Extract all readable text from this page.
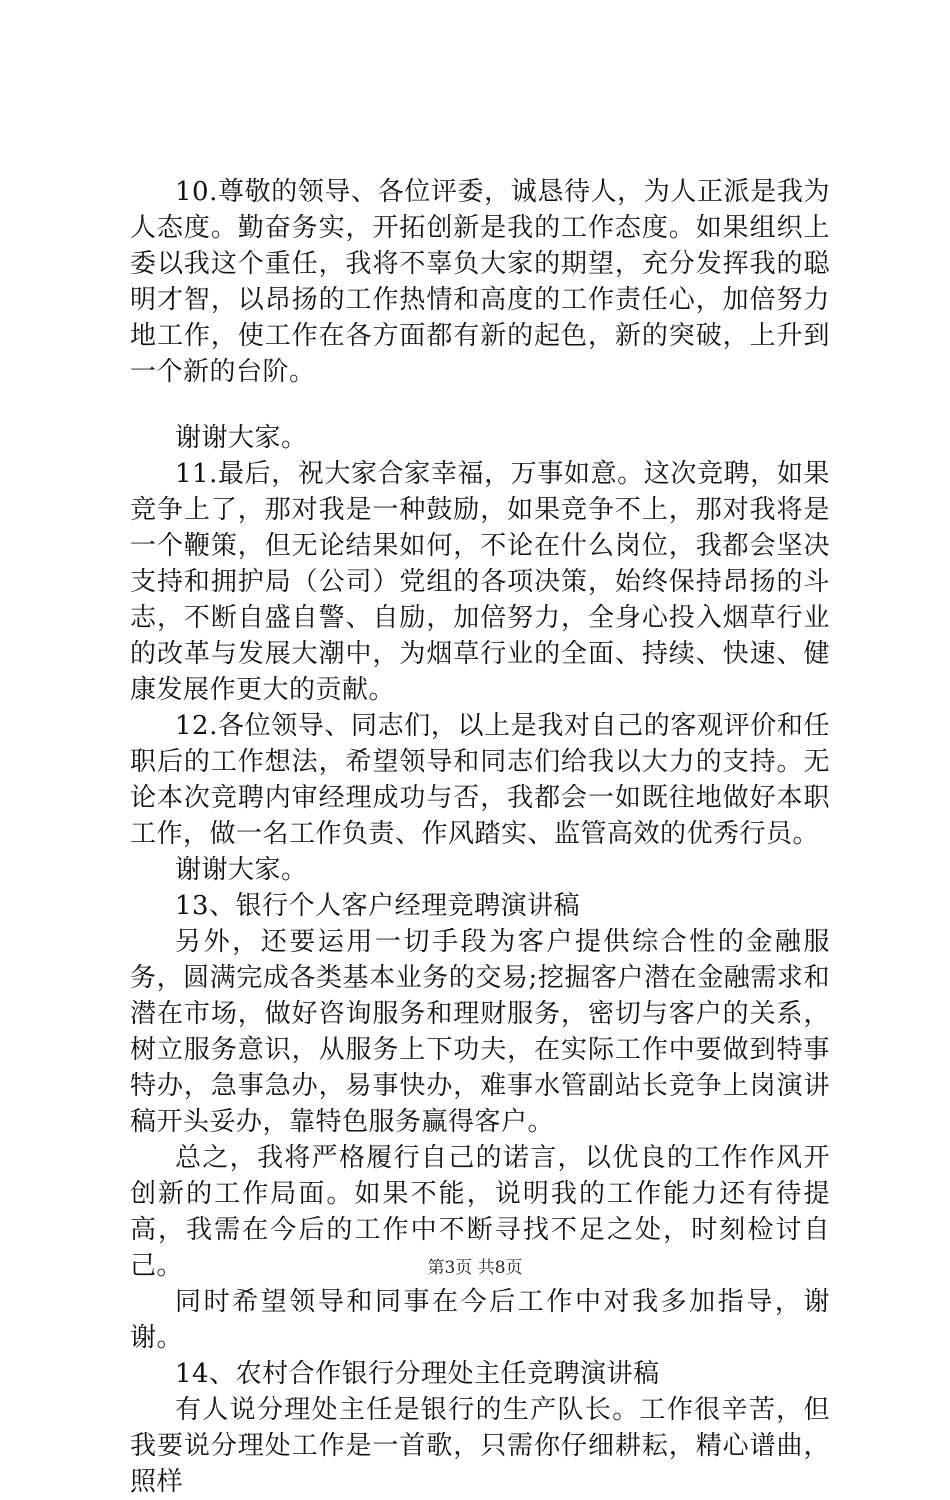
10.尊敬的领导、各位评委，诚恳待人，为人正派是我为人态度。勤奋务实，开拓创新是我的工作态度。如果组织上委以我这个重任，我将不辜负大家的期望，充分发挥我的聪明才智，以昂扬的工作热情和高度的工作责任心，加倍努力地工作，使工作在各方面都有新的起色，新的突破，上升到一个新的台阶。

谢谢大家。

11.最后，祝大家合家幸福，万事如意。这次竞聘，如果竞争上了，那对我是一种鼓励，如果竞争不上，那对我将是一个鞭策，但无论结果如何，不论在什么岗位，我都会坚决支持和拥护局（公司）党组的各项决策，始终保持昂扬的斗志，不断自盛自警、自励，加倍努力，全身心投入烟草行业的改革与发展大潮中，为烟草行业的全面、持续、快速、健康发展作更大的贡献。

12.各位领导、同志们，以上是我对自己的客观评价和任职后的工作想法，希望领导和同志们给我以大力的支持。无论本次竞聘内审经理成功与否，我都会一如既往地做好本职工作，做一名工作负责、作风踏实、监管高效的优秀行员。

谢谢大家。

13、银行个人客户经理竞聘演讲稿

另外，还要运用一切手段为客户提供综合性的金融服务，圆满完成各类基本业务的交易;挖掘客户潜在金融需求和潜在市场，做好咨询服务和理财服务，密切与客户的关系，树立服务意识，从服务上下功夫，在实际工作中要做到特事特办，急事急办，易事快办，难事水管副站长竞争上岗演讲稿开头妥办，靠特色服务赢得客户。

总之，我将严格履行自己的诺言，以优良的工作作风开创新的工作局面。如果不能，说明我的工作能力还有待提高，我需在今后的工作中不断寻找不足之处，时刻检讨自己。

同时希望领导和同事在今后工作中对我多加指导，谢谢。

14、农村合作银行分理处主任竞聘演讲稿

有人说分理处主任是银行的生产队长。工作很辛苦，但我要说分理处工作是一首歌，只需你仔细耕耘，精心谱曲，照样

第3页 共8页
